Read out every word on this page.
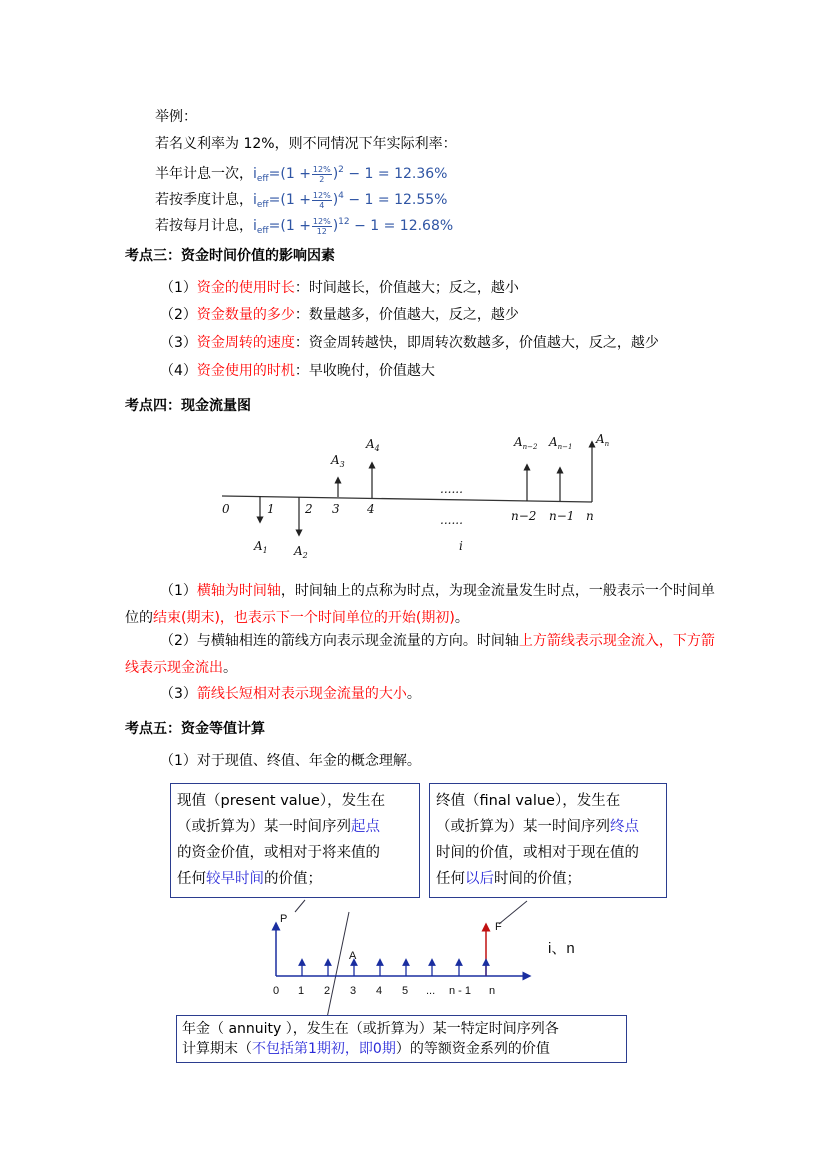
举例：
若名义利率为 12%，则不同情况下年实际利率：
半年计息一次，$i_{eff}=(1 + \frac{12\%}{2} )^2 - 1 = 12.36\%$
若按季度计息，$i_{eff}=(1 + \frac{12\%}{4} )^4 - 1 = 12.55\%$
若按每月计息，$i_{eff}=(1 + \frac{12\%}{12} )^{12} - 1 = 12.68\%$
考点三：资金时间价值的影响因素
（1）资金的使用时长：时间越长，价值越大；反之，越小
（2）资金数量的多少：数量越多，价值越大，反之，越少
（3）资金周转的速度：资金周转越快，即周转次数越多，价值越大，反之，越少
（4）资金使用的时机：早收晚付，价值越大
考点四：现金流量图
0	1	2 3 4	n−2 n−1 n
......
......
i
$A_3$
$A_4$	$A_{n-2}$ $A_{n-1}$
$A_n$
$A_1$ $A_2$
（1）横轴为时间轴，时间轴上的点称为时点，为现金流量发生时点，一般表示一个时间单位的结束(期末)，也表示下一个时间单位的开始(期初)。
（2）与横轴相连的箭线方向表示现金流量的方向。时间轴上方箭线表示现金流入，下方箭线表示现金流出。
（3）箭线长短相对表示现金流量的大小。
考点五：资金等值计算
（1）对于现值、终值、年金的概念理解。
现值（present value），发生在
（或折算为）某一时间序列起点
的资金价值，或相对于将来值的
任何较早时间的价值；
终值（final value），发生在
（或折算为）某一时间序列终点
时间的价值，或相对于现在值的
任何以后时间的价值；
P
F
A
0 1 2 3 4 5 ... n - 1 n
i、n
年金（ annuity ），发生在（或折算为）某一特定时间序列各
计算期末（不包括第1期初，即0期）的等额资金系列的价值
